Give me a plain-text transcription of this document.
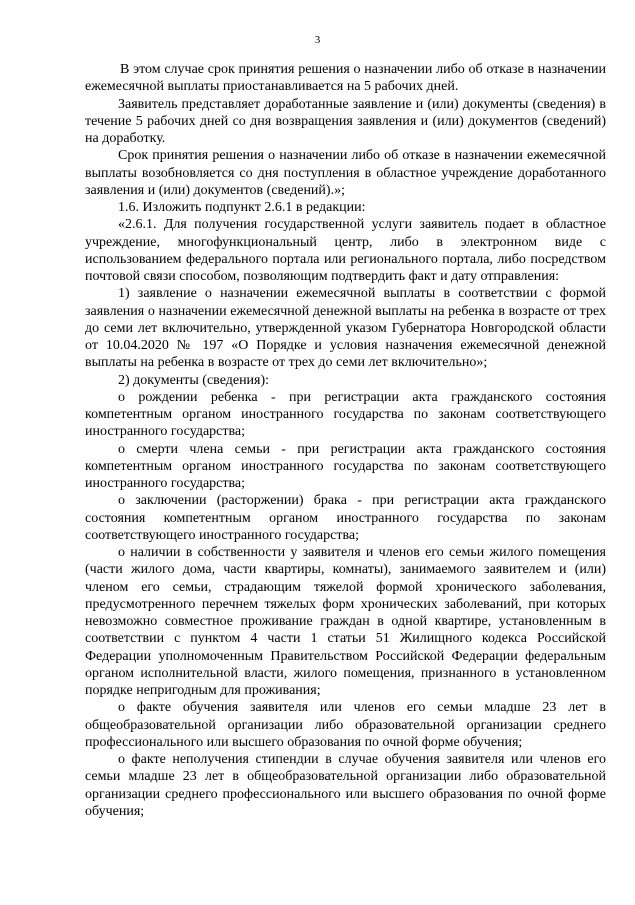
3

В этом случае срок принятия решения о назначении либо об отказе в назначении ежемесячной выплаты приостанавливается на 5 рабочих дней.

Заявитель представляет доработанные заявление и (или) документы (сведения) в течение 5 рабочих дней со дня возвращения заявления и (или) документов (сведений) на доработку.

Срок принятия решения о назначении либо об отказе в назначении ежемесячной выплаты возобновляется со дня поступления в областное учреждение доработанного заявления и (или) документов (сведений).»;

1.6. Изложить подпункт 2.6.1 в редакции:

«2.6.1. Для получения государственной услуги заявитель подает в областное учреждение, многофункциональный центр, либо в электронном виде с использованием федерального портала или регионального портала, либо посредством почтовой связи способом, позволяющим подтвердить факт и дату отправления:

1) заявление о назначении ежемесячной выплаты в соответствии с формой заявления о назначении ежемесячной денежной выплаты на ребенка в возрасте от трех до семи лет включительно, утвержденной указом Губернатора Новгородской области от 10.04.2020 № 197 «О Порядке и условия назначения ежемесячной денежной выплаты на ребенка в возрасте от трех до семи лет включительно»;

2) документы (сведения):

о рождении ребенка - при регистрации акта гражданского состояния компетентным органом иностранного государства по законам соответствующего иностранного государства;

о смерти члена семьи - при регистрации акта гражданского состояния компетентным органом иностранного государства по законам соответствующего иностранного государства;

о заключении (расторжении) брака - при регистрации акта гражданского состояния компетентным органом иностранного государства по законам соответствующего иностранного государства;

о наличии в собственности у заявителя и членов его семьи жилого помещения (части жилого дома, части квартиры, комнаты), занимаемого заявителем и (или) членом его семьи, страдающим тяжелой формой хронического заболевания, предусмотренного перечнем тяжелых форм хронических заболеваний, при которых невозможно совместное проживание граждан в одной квартире, установленным в соответствии с пунктом 4 части 1 статьи 51 Жилищного кодекса Российской Федерации уполномоченным Правительством Российской Федерации федеральным органом исполнительной власти, жилого помещения, признанного в установленном порядке непригодным для проживания;

о факте обучения заявителя или членов его семьи младше 23 лет в общеобразовательной организации либо образовательной организации среднего профессионального или высшего образования по очной форме обучения;

о факте неполучения стипендии в случае обучения заявителя или членов его семьи младше 23 лет в общеобразовательной организации либо образовательной организации среднего профессионального или высшего образования по очной форме обучения;
